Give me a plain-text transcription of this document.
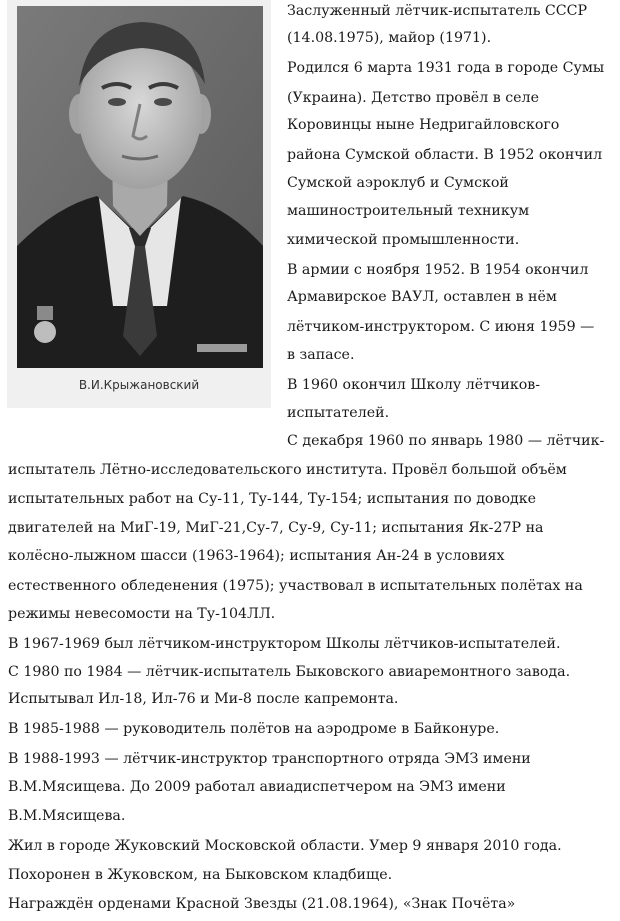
В.И.Крыжановский
Заслуженный лётчик-испытатель СССР
(14.08.1975), майор (1971).
Родился 6 марта 1931 года в городе Сумы
(Украина). Детство провёл в селе
Коровинцы ныне Недригайловского
района Сумской области. В 1952 окончил
Сумской аэроклуб и Сумской
машиностроительный техникум
химической промышленности.
В армии с ноября 1952. В 1954 окончил
Армавирское ВАУЛ, оставлен в нём
лётчиком-инструктором. С июня 1959 —
в запасе.
В 1960 окончил Школу лётчиков-
испытателей.
С декабря 1960 по январь 1980 — лётчик-
испытатель Лётно-исследовательского института. Провёл большой объём
испытательных работ на Су-11, Ту-144, Ту-154; испытания по доводке
двигателей на МиГ-19, МиГ-21,Су-7, Су-9, Су-11; испытания Як-27Р на
колёсно-лыжном шасси (1963-1964); испытания Ан-24 в условиях
естественного обледенения (1975); участвовал в испытательных полётах на
режимы невесомости на Ту-104ЛЛ.
В 1967-1969 был лётчиком-инструктором Школы лётчиков-испытателей.
С 1980 по 1984 — лётчик-испытатель Быковского авиаремонтного завода.
Испытывал Ил-18, Ил-76 и Ми-8 после капремонта.
В 1985-1988 — руководитель полётов на аэродроме в Байконуре.
В 1988-1993 — лётчик-инструктор транспортного отряда ЭМЗ имени
В.М.Мясищева. До 2009 работал авиадиспетчером на ЭМЗ имени
В.М.Мясищева.
Жил в городе Жуковский Московской области. Умер 9 января 2010 года.
Похоронен в Жуковском, на Быковском кладбище.
Награждён орденами Красной Звезды (21.08.1964), «Знак Почёта»
